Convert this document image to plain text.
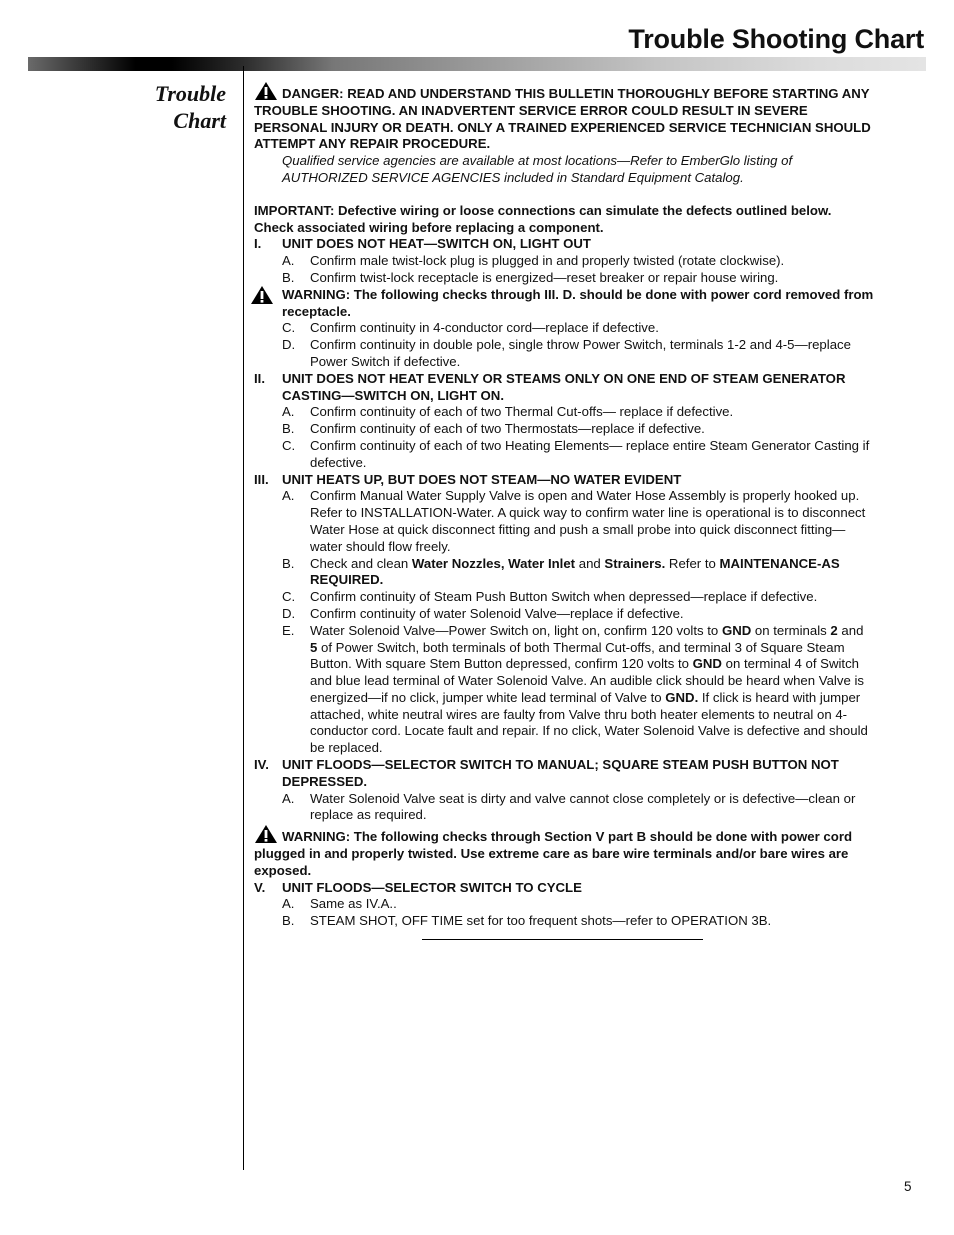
Trouble Shooting Chart
Trouble
Chart

DANGER: READ AND UNDERSTAND THIS BULLETIN THOROUGHLY BEFORE STARTING ANY TROUBLE SHOOTING. AN INADVERTENT SERVICE ERROR COULD RESULT IN SEVERE PERSONAL INJURY OR DEATH. ONLY A TRAINED EXPERIENCED SERVICE TECHNICIAN SHOULD ATTEMPT ANY REPAIR PROCEDURE.

Qualified service agencies are available at most locations—Refer to EmberGlo listing of AUTHORIZED SERVICE AGENCIES included in Standard Equipment Catalog.

IMPORTANT: Defective wiring or loose connections can simulate the defects outlined below. Check associated wiring before replacing a component.

I. UNIT DOES NOT HEAT—SWITCH ON, LIGHT OUT
A. Confirm male twist-lock plug is plugged in and properly twisted (rotate clockwise).
B. Confirm twist-lock receptacle is energized—reset breaker or repair house wiring.
WARNING: The following checks through III. D. should be done with power cord removed from receptacle.
C. Confirm continuity in 4-conductor cord—replace if defective.
D. Confirm continuity in double pole, single throw Power Switch, terminals 1-2 and 4-5—replace Power Switch if defective.
II. UNIT DOES NOT HEAT EVENLY OR STEAMS ONLY ON ONE END OF STEAM GENERATOR CASTING—SWITCH ON, LIGHT ON.
A. Confirm continuity of each of two Thermal Cut-offs— replace if defective.
B. Confirm continuity of each of two Thermostats—replace if defective.
C. Confirm continuity of each of two Heating Elements— replace entire Steam Generator Casting if defective.
III. UNIT HEATS UP, BUT DOES NOT STEAM—NO WATER EVIDENT
A. Confirm Manual Water Supply Valve is open and Water Hose Assembly is properly hooked up. Refer to INSTALLATION-Water. A quick way to confirm water line is operational is to disconnect Water Hose at quick disconnect fitting and push a small probe into quick disconnect fitting—water should flow freely.
B. Check and clean Water Nozzles, Water Inlet and Strainers. Refer to MAINTENANCE-AS REQUIRED.
C. Confirm continuity of Steam Push Button Switch when depressed—replace if defective.
D. Confirm continuity of water Solenoid Valve—replace if defective.
E. Water Solenoid Valve—Power Switch on, light on, confirm 120 volts to GND on terminals 2 and 5 of Power Switch, both terminals of both Thermal Cut-offs, and terminal 3 of Square Steam Button. With square Stem Button depressed, confirm 120 volts to GND on terminal 4 of Switch and blue lead terminal of Water Solenoid Valve. An audible click should be heard when Valve is energized—if no click, jumper white lead terminal of Valve to GND. If click is heard with jumper attached, white neutral wires are faulty from Valve thru both heater elements to neutral on 4-conductor cord. Locate fault and repair. If no click, Water Solenoid Valve is defective and should be replaced.
IV. UNIT FLOODS—SELECTOR SWITCH TO MANUAL; SQUARE STEAM PUSH BUTTON NOT DEPRESSED.
A. Water Solenoid Valve seat is dirty and valve cannot close completely or is defective—clean or replace as required.

WARNING: The following checks through Section V part B should be done with power cord plugged in and properly twisted. Use extreme care as bare wire terminals and/or bare wires are exposed.

V. UNIT FLOODS—SELECTOR SWITCH TO CYCLE
A. Same as IV.A..
B. STEAM SHOT, OFF TIME set for too frequent shots—refer to OPERATION 3B.
5
